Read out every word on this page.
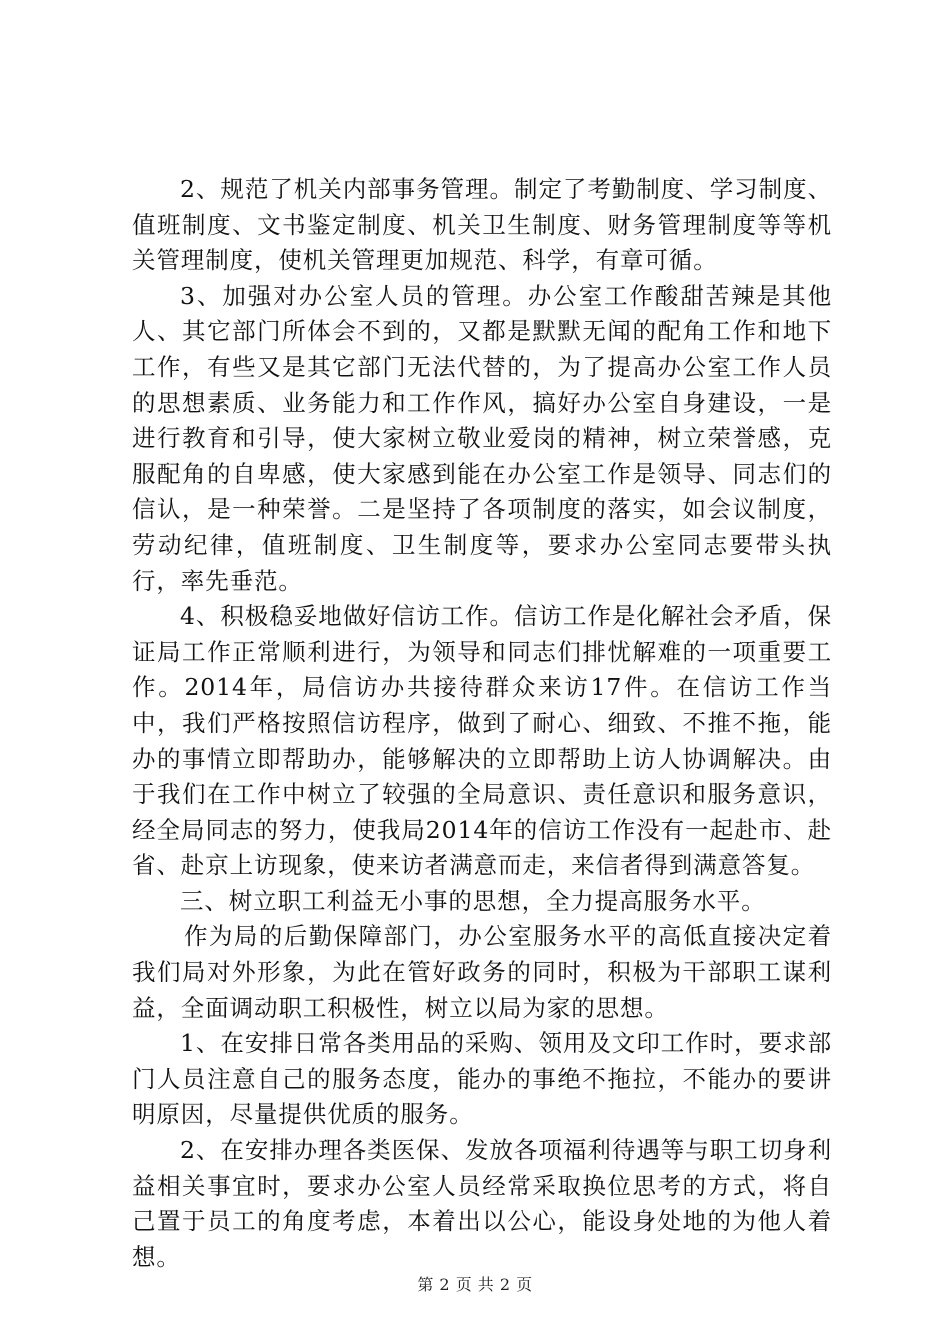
2、规范了机关内部事务管理。制定了考勤制度、学习制度、值班制度、文书鉴定制度、机关卫生制度、财务管理制度等等机关管理制度，使机关管理更加规范、科学，有章可循。

3、加强对办公室人员的管理。办公室工作酸甜苦辣是其他人、其它部门所体会不到的，又都是默默无闻的配角工作和地下工作，有些又是其它部门无法代替的，为了提高办公室工作人员的思想素质、业务能力和工作作风，搞好办公室自身建设，一是进行教育和引导，使大家树立敬业爱岗的精神，树立荣誉感，克服配角的自卑感，使大家感到能在办公室工作是领导、同志们的信认，是一种荣誉。二是坚持了各项制度的落实，如会议制度，劳动纪律，值班制度、卫生制度等，要求办公室同志要带头执行，率先垂范。

4、积极稳妥地做好信访工作。信访工作是化解社会矛盾，保证局工作正常顺利进行，为领导和同志们排忧解难的一项重要工作。2014年，局信访办共接待群众来访17件。在信访工作当中，我们严格按照信访程序，做到了耐心、细致、不推不拖，能办的事情立即帮助办，能够解决的立即帮助上访人协调解决。由于我们在工作中树立了较强的全局意识、责任意识和服务意识，经全局同志的努力，使我局2014年的信访工作没有一起赴市、赴省、赴京上访现象，使来访者满意而走，来信者得到满意答复。

三、树立职工利益无小事的思想，全力提高服务水平。

作为局的后勤保障部门，办公室服务水平的高低直接决定着我们局对外形象，为此在管好政务的同时，积极为干部职工谋利益，全面调动职工积极性，树立以局为家的思想。

1、在安排日常各类用品的采购、领用及文印工作时，要求部门人员注意自己的服务态度，能办的事绝不拖拉，不能办的要讲明原因，尽量提供优质的服务。

2、在安排办理各类医保、发放各项福利待遇等与职工切身利益相关事宜时，要求办公室人员经常采取换位思考的方式，将自己置于员工的角度考虑，本着出以公心，能设身处地的为他人着想。

第 2 页 共 2 页
